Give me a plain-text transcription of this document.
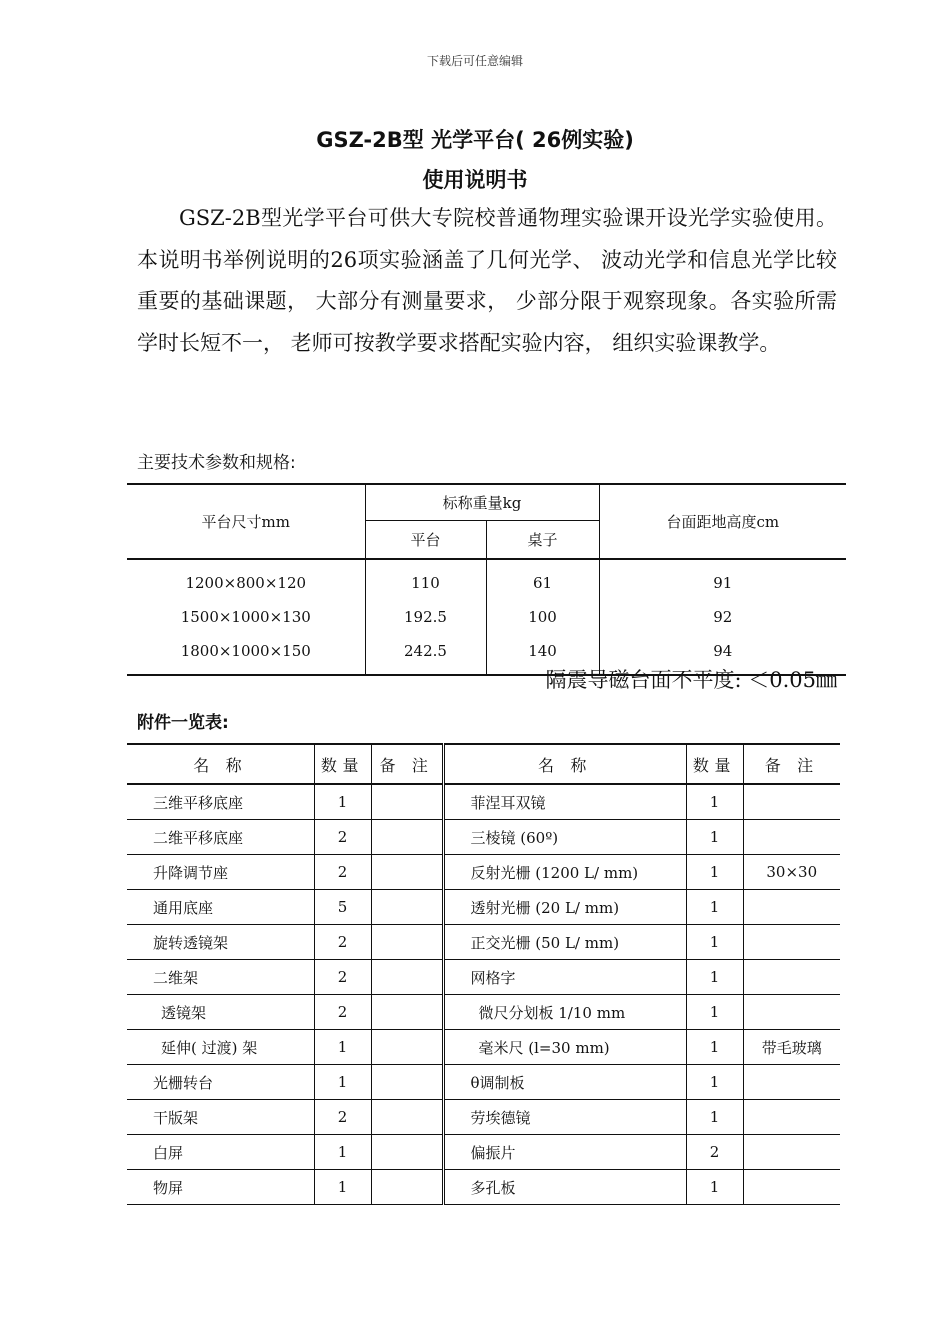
下载后可任意编辑
GSZ-2B型 光学平台( 26例实验)
使用说明书
GSZ-2B型光学平台可供大专院校普通物理实验课开设光学实验使用。本说明书举例说明的26项实验涵盖了几何光学、 波动光学和信息光学比较重要的基础课题， 大部分有测量要求， 少部分限于观察现象。各实验所需学时长短不一， 老师可按教学要求搭配实验内容， 组织实验课教学。
主要技术参数和规格:
平台尺寸mm	标称重量kg		台面距地高度cm
	平台	桌子	
1200×800×120	110	61	91
1500×1000×130	192.5	100	92
1800×1000×150	242.5	140	94
隔震导磁台面不平度: ＜0.05㎜
附件一览表:
名 称	数量	备 注	名 称	数量	备 注
三维平移底座	1		菲涅耳双镜	1	
二维平移底座	2		三棱镜 (60º)	1	
升降调节座	2		反射光栅 (1200 L/ mm)	1	30×30
通用底座	5		透射光栅 (20 L/ mm)	1	
旋转透镜架	2		正交光栅 (50 L/ mm)	1	
二维架	2		网格字	1	
透镜架	2		微尺分划板 1/10 mm	1	
延伸( 过渡) 架	1		毫米尺 (l=30 mm)	1	带毛玻璃
光栅转台	1		θ调制板	1	
干版架	2		劳埃德镜	1	
白屏	1		偏振片	2	
物屏	1		多孔板	1	
